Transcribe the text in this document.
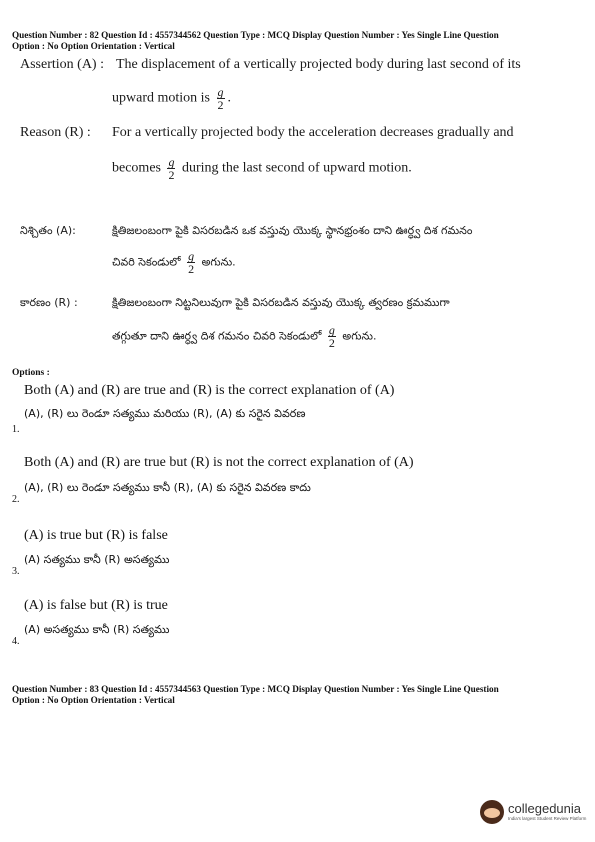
Question Number : 82 Question Id : 4557344562 Question Type : MCQ Display Question Number : Yes Single Line Question
Option : No Option Orientation : Vertical
Assertion (A) : The displacement of a vertically projected body during last second of its
upward motion is $\frac{g}{2}$ .
Reason (R) : For a vertically projected body the acceleration decreases gradually and
becomes $\frac{g}{2}$ during the last second of upward motion.
నిశ్చితం (A):	క్షితిజలంబంగా పైకి విసరబడిన ఒక వస్తువు యొక్క స్థానభ్రంశం దాని ఊర్ధ్వ దిశ గమనం
చివరి సెకండులో $\frac{g}{2}$ అగును.
కారణం (R) :	క్షితిజలంబంగా నిట్టనిలువుగా పైకి విసరబడిన వస్తువు యొక్క త్వరణం క్రమముగా
తగ్గుతూ దాని ఊర్ధ్వ దిశ గమనం చివరి సెకండులో $\frac{g}{2}$ అగును.
Options :
Both (A) and (R) are true and (R) is the correct explanation of (A)
(A), (R) లు రెండూ సత్యము మరియు (R), (A) కు సరైన వివరణ
1.
Both (A) and (R) are true but (R) is not the correct explanation of (A)
(A), (R) లు రెండూ సత్యము కానీ (R), (A) కు సరైన వివరణ కాదు
2.
(A) is true but (R) is false
(A) సత్యము కానీ (R) అసత్యము
3.
(A) is false but (R) is true
(A) అసత్యము కానీ (R) సత్యము
4.
Question Number : 83 Question Id : 4557344563 Question Type : MCQ Display Question Number : Yes Single Line Question
Option : No Option Orientation : Vertical
collegedunia
India's largest Student Review Platform
